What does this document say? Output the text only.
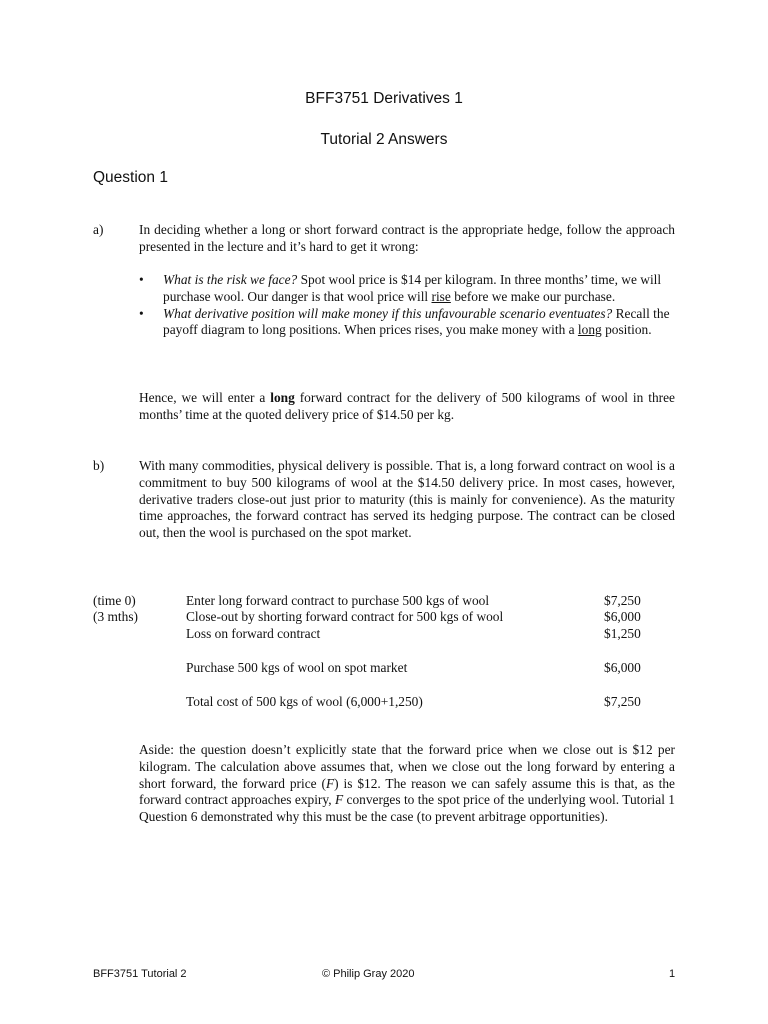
BFF3751 Derivatives 1
Tutorial 2 Answers
Question 1
a)	In deciding whether a long or short forward contract is the appropriate hedge, follow the approach presented in the lecture and it’s hard to get it wrong:

• What is the risk we face? Spot wool price is $14 per kilogram. In three months’ time, we will purchase wool. Our danger is that wool price will rise before we make our purchase.
• What derivative position will make money if this unfavourable scenario eventuates? Recall the payoff diagram to long positions. When prices rises, you make money with a long position.

Hence, we will enter a long forward contract for the delivery of 500 kilograms of wool in three months’ time at the quoted delivery price of $14.50 per kg.

b)	With many commodities, physical delivery is possible. That is, a long forward contract on wool is a commitment to buy 500 kilograms of wool at the $14.50 delivery price. In most cases, however, derivative traders close-out just prior to maturity (this is mainly for convenience). As the maturity time approaches, the forward contract has served its hedging purpose. The contract can be closed out, then the wool is purchased on the spot market.

(time 0)	Enter long forward contract to purchase 500 kgs of wool	$7,250
(3 mths)	Close-out by shorting forward contract for 500 kgs of wool	$6,000
Loss on forward contract	$1,250
Purchase 500 kgs of wool on spot market	$6,000
Total cost of 500 kgs of wool (6,000+1,250)	$7,250

Aside: the question doesn’t explicitly state that the forward price when we close out is $12 per kilogram. The calculation above assumes that, when we close out the long forward by entering a short forward, the forward price (F) is $12. The reason we can safely assume this is that, as the forward contract approaches expiry, F converges to the spot price of the underlying wool. Tutorial 1 Question 6 demonstrated why this must be the case (to prevent arbitrage opportunities).

BFF3751 Tutorial 2	© Philip Gray 2020	1
